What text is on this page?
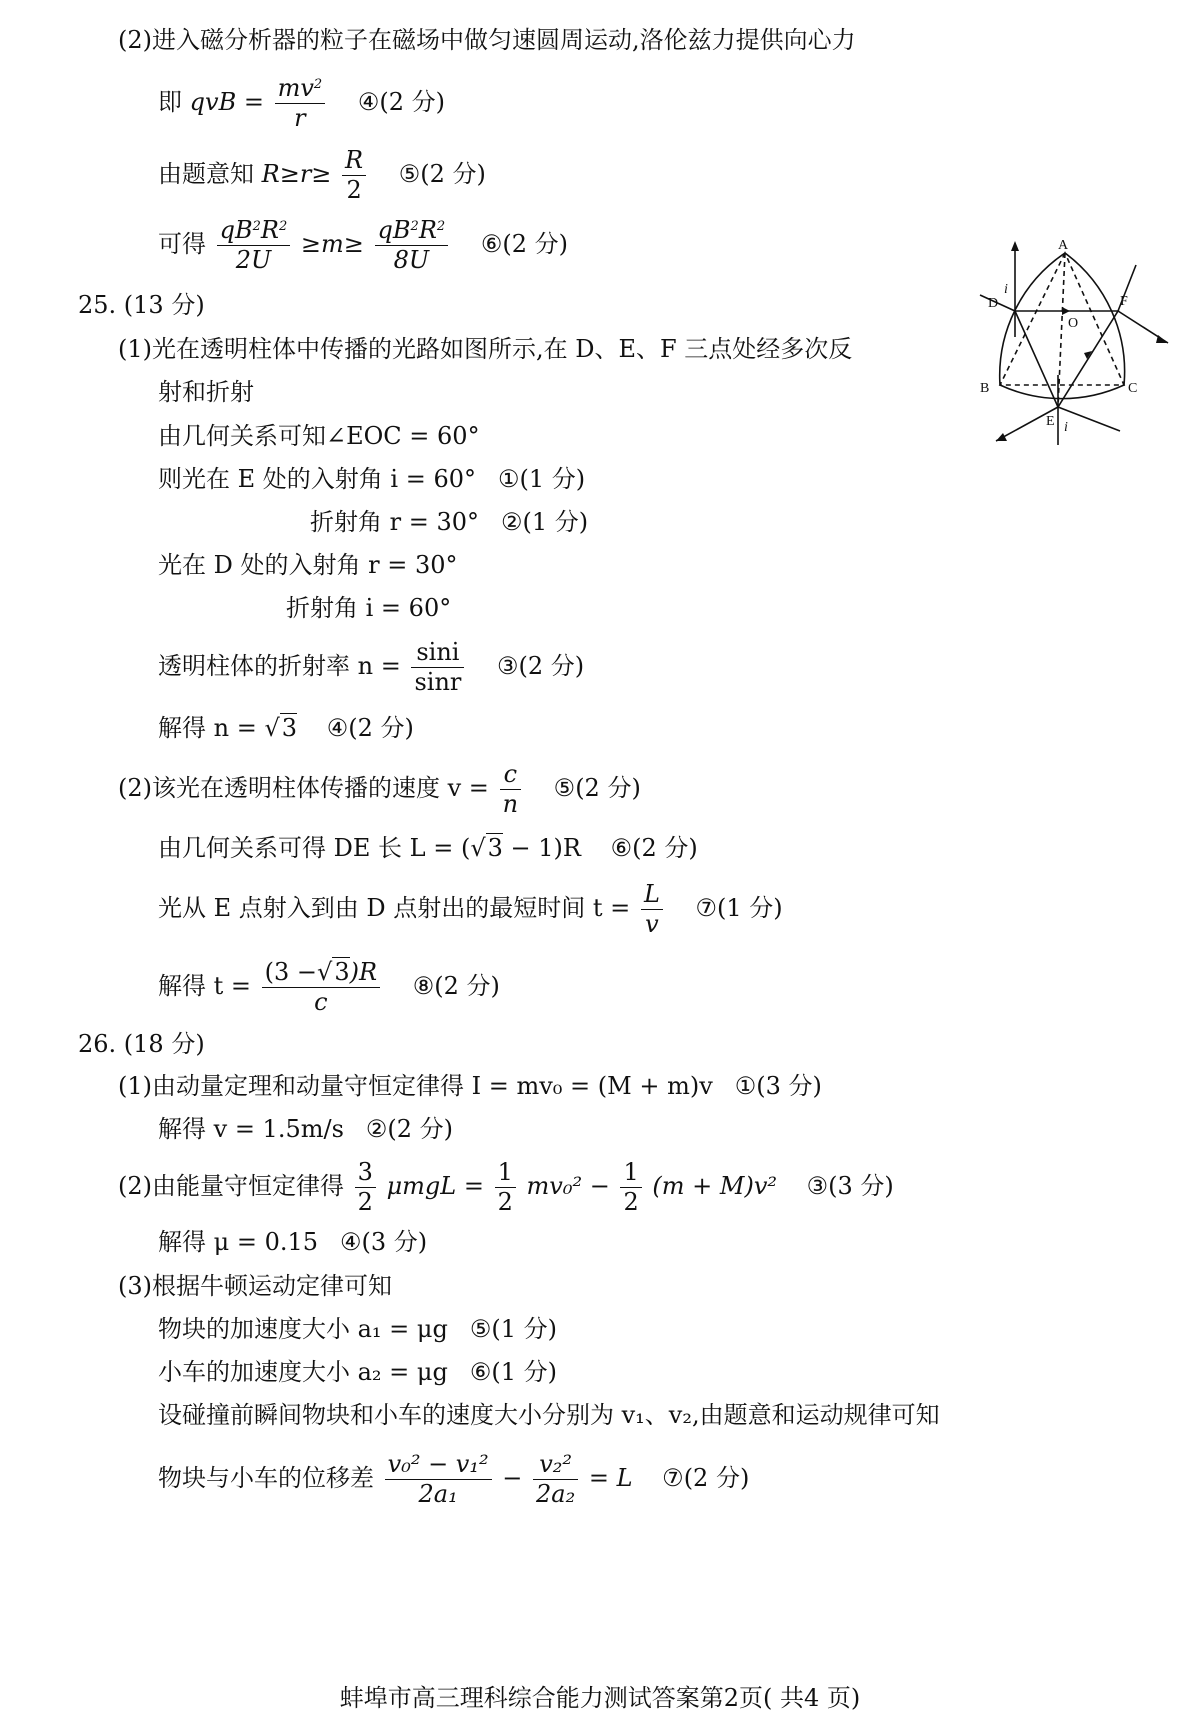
(2)进入磁分析器的粒子在磁场中做匀速圆周运动,洛伦兹力提供向心力
即 qvB = $\frac{mv^2}{r}$ ④(2 分)
由题意知 $R\ge r\ge \frac{R}{2}$ ⑤(2 分)
可得 $\frac{qB^2R^2}{2U} \ge m\ge \frac{qB^2R^2}{8U}$ ⑥(2 分)
25. (13 分)
(1)光在透明柱体中传播的光路如图所示,在 D、E、F 三点处经多次反
射和折射
由几何关系可知∠EOC = 60°
则光在 E 处的入射角 i = 60° ①(1 分)
折射角 r = 30° ②(1 分)
光在 D 处的入射角 r = 30°
折射角 i = 60°
透明柱体的折射率 $n = \frac{\sin i}{\sin r}$ ③(2 分)
解得 n = √ 3 ④(2 分)
(2)该光在透明柱体传播的速度 $v = \frac{c}{n}$ ⑤(2 分)
由几何关系可得 DE 长 L = ( √ 3 − 1)R ⑥(2 分)
光从 E 点射入到由 D 点射出的最短时间 $t = \frac{L}{v}$ ⑦(1 分)
解得 $t = \frac{(3 - √ 3)R}{c}$ ⑧(2 分)
26. (18 分)
(1)由动量定理和动量守恒定律得 I = mv₀ = (M + m)v ①(3 分)
解得 v = 1.5m/s ②(2 分)
(2)由能量守恒定律得 $\frac{3}{2}$ $\mu mgL = \frac{1}{2} mv_0^2 - \frac{1}{2} (m + M)v^2$ ③(3 分)
解得 μ = 0.15 ④(3 分)
(3)根据牛顿运动定律可知
物块的加速度大小 a₁ = μg ⑤(1 分)
小车的加速度大小 a₂ = μg ⑥(1 分)
设碰撞前瞬间物块和小车的速度大小分别为 v₁、v₂,由题意和运动规律可知
物块与小车的位移差 $\frac{\text{v₀² − v₁²}}{\text{2a₁}} - \frac{\text{v₂²}}{\text{2a₂}} = L$ ⑦(2 分)
A
B	C
D
E
F
O
i
i
蚌埠市高三理科综合能力测试答案第2页( 共4 页)
